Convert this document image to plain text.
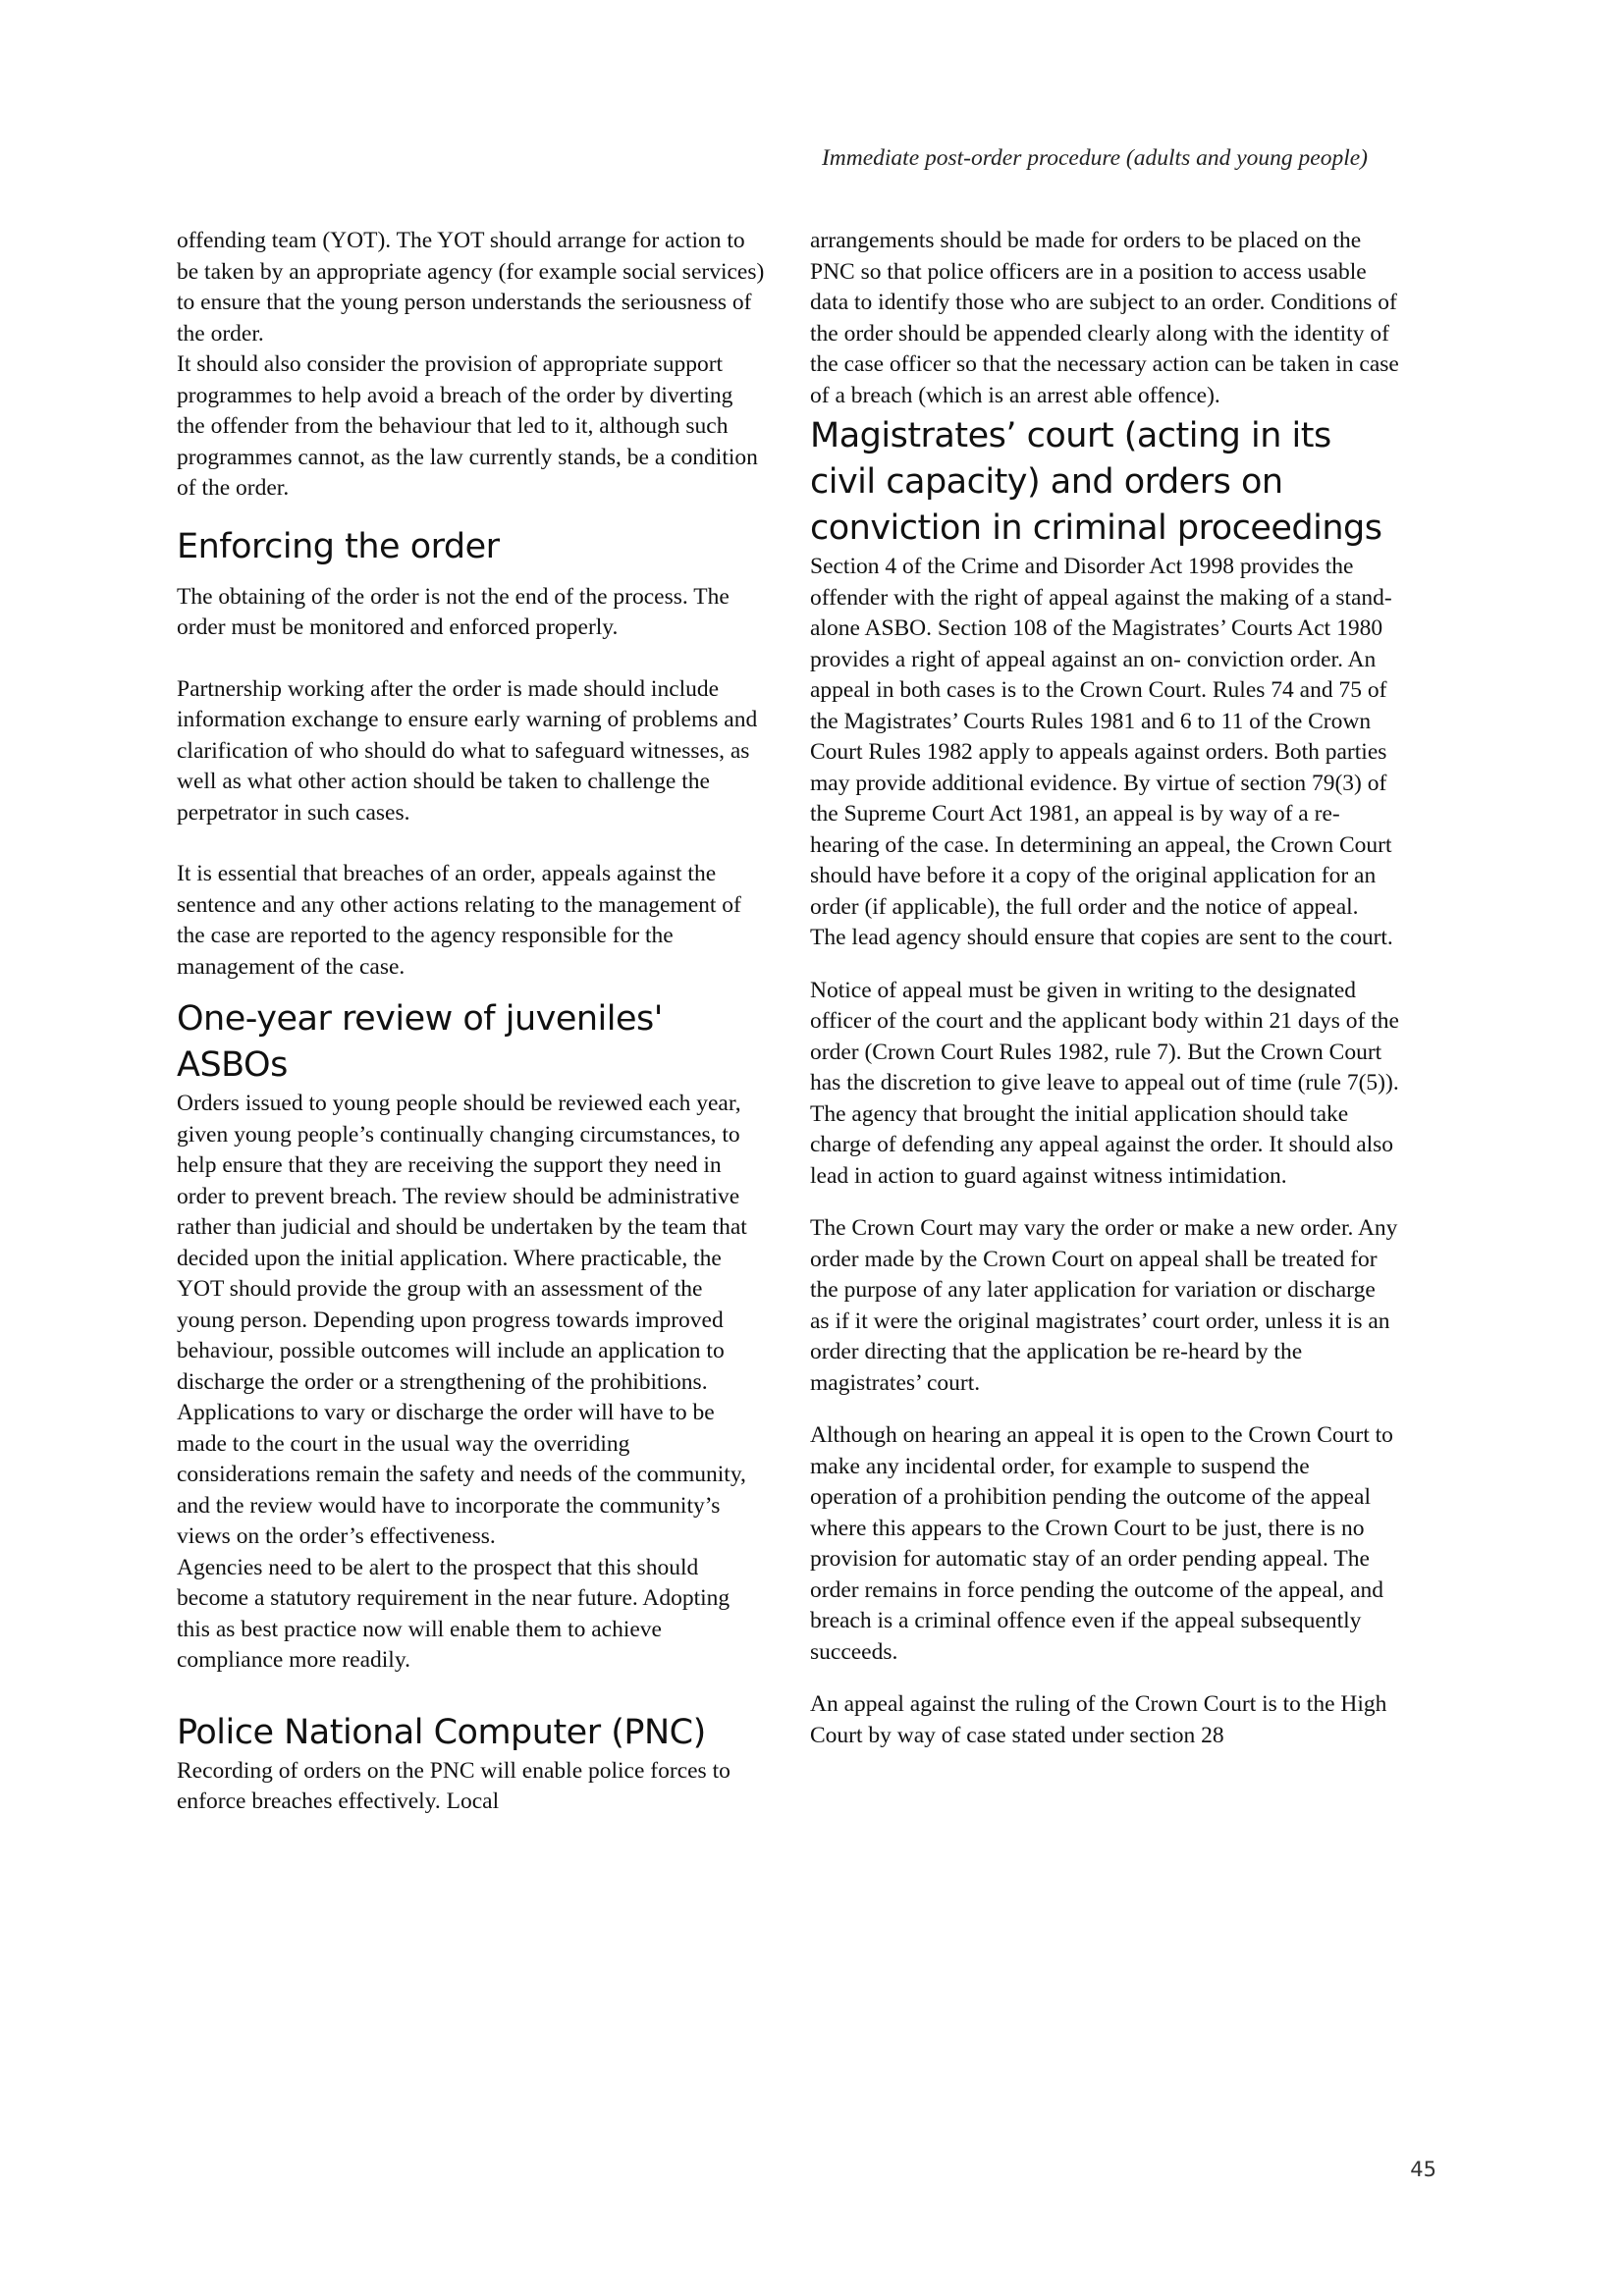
Immediate post-order procedure (adults and young people)

offending team (YOT). The YOT should arrange for action to be taken by an appropriate agency (for example social services) to ensure that the young person understands the seriousness of the order.

It should also consider the provision of appropriate support programmes to help avoid a breach of the order by diverting the offender from the behaviour that led to it, although such programmes cannot, as the law currently stands, be a condition of the order.

Enforcing the order

The obtaining of the order is not the end of the process. The order must be monitored and enforced properly.

Partnership working after the order is made should include information exchange to ensure early warning of problems and clarification of who should do what to safeguard witnesses, as well as what other action should be taken to challenge the perpetrator in such cases.

It is essential that breaches of an order, appeals against the sentence and any other actions relating to the management of the case are reported to the agency responsible for the management of the case.

One-year review of juveniles' ASBOs

Orders issued to young people should be reviewed each year, given young people’s continually changing circumstances, to help ensure that they are receiving the support they need in order to prevent breach. The review should be administrative rather than judicial and should be undertaken by the team that decided upon the initial application. Where practicable, the YOT should provide the group with an assessment of the young person. Depending upon progress towards improved behaviour, possible outcomes will include an application to discharge the order or a strengthening of the prohibitions. Applications to vary or discharge the order will have to be made to the court in the usual way the overriding considerations remain the safety and needs of the community, and the review would have to incorporate the community’s views on the order’s effectiveness.

Agencies need to be alert to the prospect that this should become a statutory requirement in the near future. Adopting this as best practice now will enable them to achieve compliance more readily.

Police National Computer (PNC)

Recording of orders on the PNC will enable police forces to enforce breaches effectively. Local

arrangements should be made for orders to be placed on the PNC so that police officers are in a position to access usable data to identify those who are subject to an order. Conditions of the order should be appended clearly along with the identity of the case officer so that the necessary action can be taken in case of a breach (which is an arrest able offence).

Magistrates’ court (acting in its civil capacity) and orders on conviction in criminal proceedings

Section 4 of the Crime and Disorder Act 1998 provides the offender with the right of appeal against the making of a stand-alone ASBO. Section 108 of the Magistrates’ Courts Act 1980 provides a right of appeal against an on- conviction order. An appeal in both cases is to the Crown Court. Rules 74 and 75 of the Magistrates’ Courts Rules 1981 and 6 to 11 of the Crown Court Rules 1982 apply to appeals against orders. Both parties may provide additional evidence. By virtue of section 79(3) of the Supreme Court Act 1981, an appeal is by way of a re-hearing of the case. In determining an appeal, the Crown Court should have before it a copy of the original application for an order (if applicable), the full order and the notice of appeal. The lead agency should ensure that copies are sent to the court.

Notice of appeal must be given in writing to the designated officer of the court and the applicant body within 21 days of the order (Crown Court Rules 1982, rule 7). But the Crown Court has the discretion to give leave to appeal out of time (rule 7(5)). The agency that brought the initial application should take charge of defending any appeal against the order. It should also lead in action to guard against witness intimidation.

The Crown Court may vary the order or make a new order. Any order made by the Crown Court on appeal shall be treated for the purpose of any later application for variation or discharge as if it were the original magistrates’ court order, unless it is an order directing that the application be re-heard by the magistrates’ court.

Although on hearing an appeal it is open to the Crown Court to make any incidental order, for example to suspend the operation of a prohibition pending the outcome of the appeal where this appears to the Crown Court to be just, there is no provision for automatic stay of an order pending appeal. The order remains in force pending the outcome of the appeal, and breach is a criminal offence even if the appeal subsequently succeeds.

An appeal against the ruling of the Crown Court is to the High Court by way of case stated under section 28

45
